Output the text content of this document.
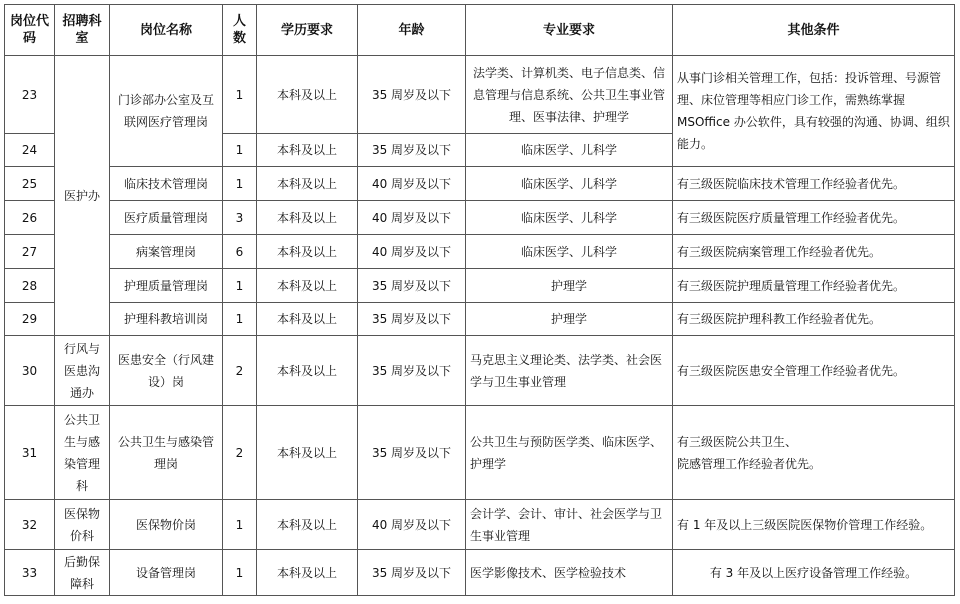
岗位代码	招聘科室	岗位名称	人数	学历要求	年龄	专业要求	其他条件
23	医护办	门诊部办公室及互联网医疗管理岗	1	本科及以上	35 周岁及以下	法学类、计算机类、电子信息类、信息管理与信息系统、公共卫生事业管理、医事法律、护理学	从事门诊相关管理工作，包括：投诉管理、号源管理、床位管理等相应门诊工作，需熟练掌握 MSOffice 办公软件，具有较强的沟通、协调、组织能力。
24			1	本科及以上	35 周岁及以下	临床医学、儿科学	
25		临床技术管理岗	1	本科及以上	40 周岁及以下	临床医学、儿科学	有三级医院临床技术管理工作经验者优先。
26		医疗质量管理岗	3	本科及以上	40 周岁及以下	临床医学、儿科学	有三级医院医疗质量管理工作经验者优先。
27		病案管理岗	6	本科及以上	40 周岁及以下	临床医学、儿科学	有三级医院病案管理工作经验者优先。
28		护理质量管理岗	1	本科及以上	35 周岁及以下	护理学	有三级医院护理质量管理工作经验者优先。
29		护理科教培训岗	1	本科及以上	35 周岁及以下	护理学	有三级医院护理科教工作经验者优先。
30	行风与医患沟通办	医患安全（行风建设）岗	2	本科及以上	35 周岁及以下	马克思主义理论类、法学类、社会医学与卫生事业管理	有三级医院医患安全管理工作经验者优先。
31	公共卫生与感染管理科	公共卫生与感染管理岗	2	本科及以上	35 周岁及以下	公共卫生与预防医学类、临床医学、护理学	有三级医院公共卫生、
院感管理工作经验者优先。

32	医保物价科	医保物价岗	1	本科及以上	40 周岁及以下	会计学、会计、审计、社会医学与卫生事业管理	有 1 年及以上三级医院医保物价管理工作经验。
33	后勤保障科	设备管理岗	1	本科及以上	35 周岁及以下	医学影像技术、医学检验技术	有 3 年及以上医疗设备管理工作经验。
